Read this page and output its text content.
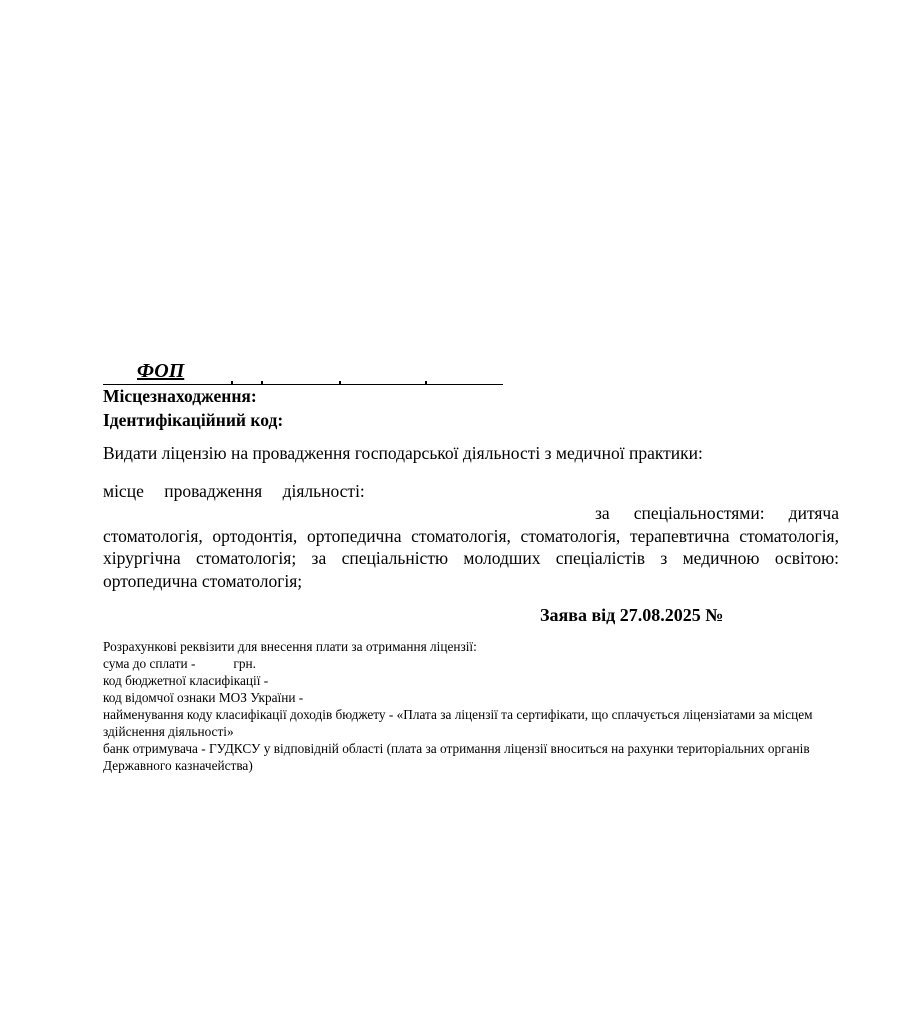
ФОП
Місцезнаходження:
Ідентифікаційний код:
Видати ліцензію на провадження господарської діяльності з медичної практики:
місце провадження діяльності:
за спеціальностями: дитяча
стоматологія, ортодонтія, ортопедична стоматологія, стоматологія, терапевтична стоматологія, хірургічна стоматологія; за спеціальністю молодших спеціалістів з медичною освітою: ортопедична стоматологія;
Заява від 27.08.2025 №
Розрахункові реквізити для внесення плати за отримання ліцензії:
сума до сплати -	грн.
код бюджетної класифікації -
код відомчої ознаки МОЗ України -
найменування коду класифікації доходів бюджету - «Плата за ліцензії та сертифікати, що сплачується ліцензіатами за місцем здійснення діяльності»
банк отримувача - ГУДКСУ у відповідній області (плата за отримання ліцензії вноситься на рахунки територіальних органів Державного казначейства)
